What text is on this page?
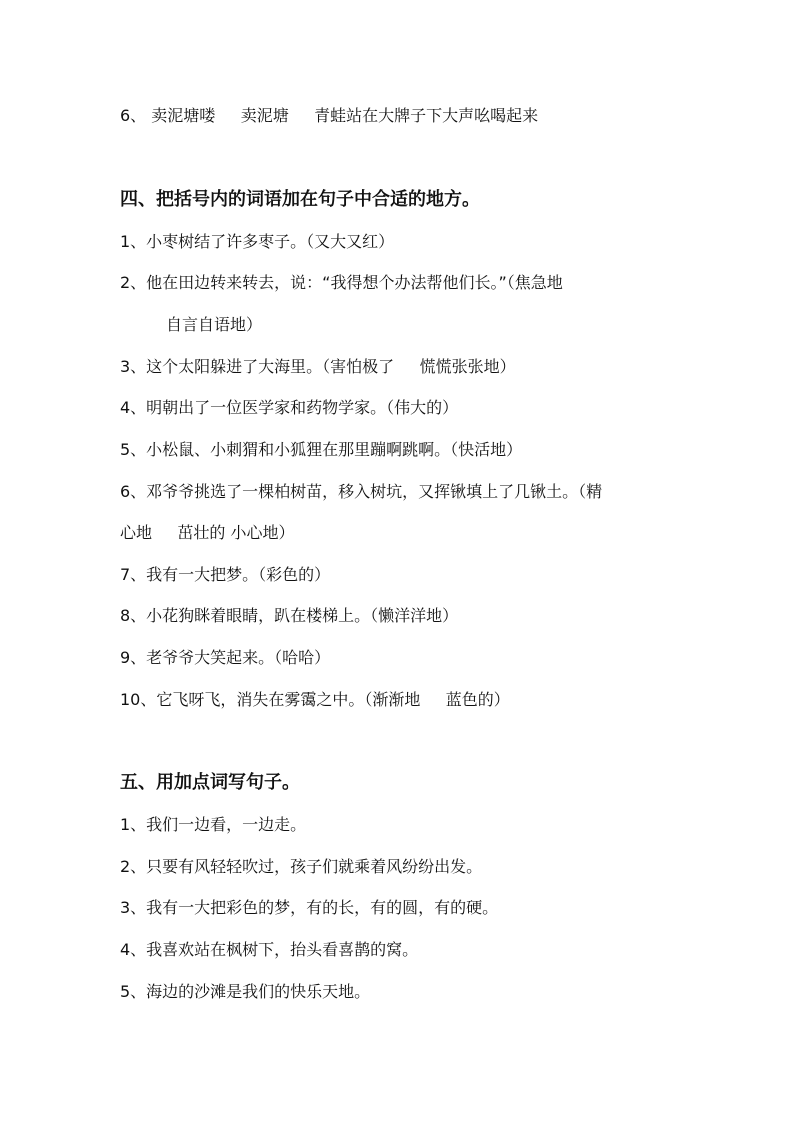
6、 卖泥塘喽     卖泥塘     青蛙站在大牌子下大声吆喝起来
四、把括号内的词语加在句子中合适的地方。
1、小枣树结了许多枣子。（又大又红）
2、他在田边转来转去，说：“我得想个办法帮他们长。”（焦急地
自言自语地）
3、这个太阳躲进了大海里。（害怕极了     慌慌张张地）
4、明朝出了一位医学家和药物学家。（伟大的）
5、小松鼠、小刺猬和小狐狸在那里蹦啊跳啊。（快活地）
6、邓爷爷挑选了一棵柏树苗，移入树坑，又挥锹填上了几锹土。（精
心地     茁壮的 小心地）
7、我有一大把梦。（彩色的）
8、小花狗眯着眼睛，趴在楼梯上。（懒洋洋地）
9、老爷爷大笑起来。（哈哈）
10、它飞呀飞，消失在雾霭之中。（渐渐地     蓝色的）
五、用加点词写句子。
1、我们一边看，一边走。
2、只要有风轻轻吹过，孩子们就乘着风纷纷出发。
3、我有一大把彩色的梦，有的长，有的圆，有的硬。
4、我喜欢站在枫树下，抬头看喜鹊的窝。
5、海边的沙滩是我们的快乐天地。
